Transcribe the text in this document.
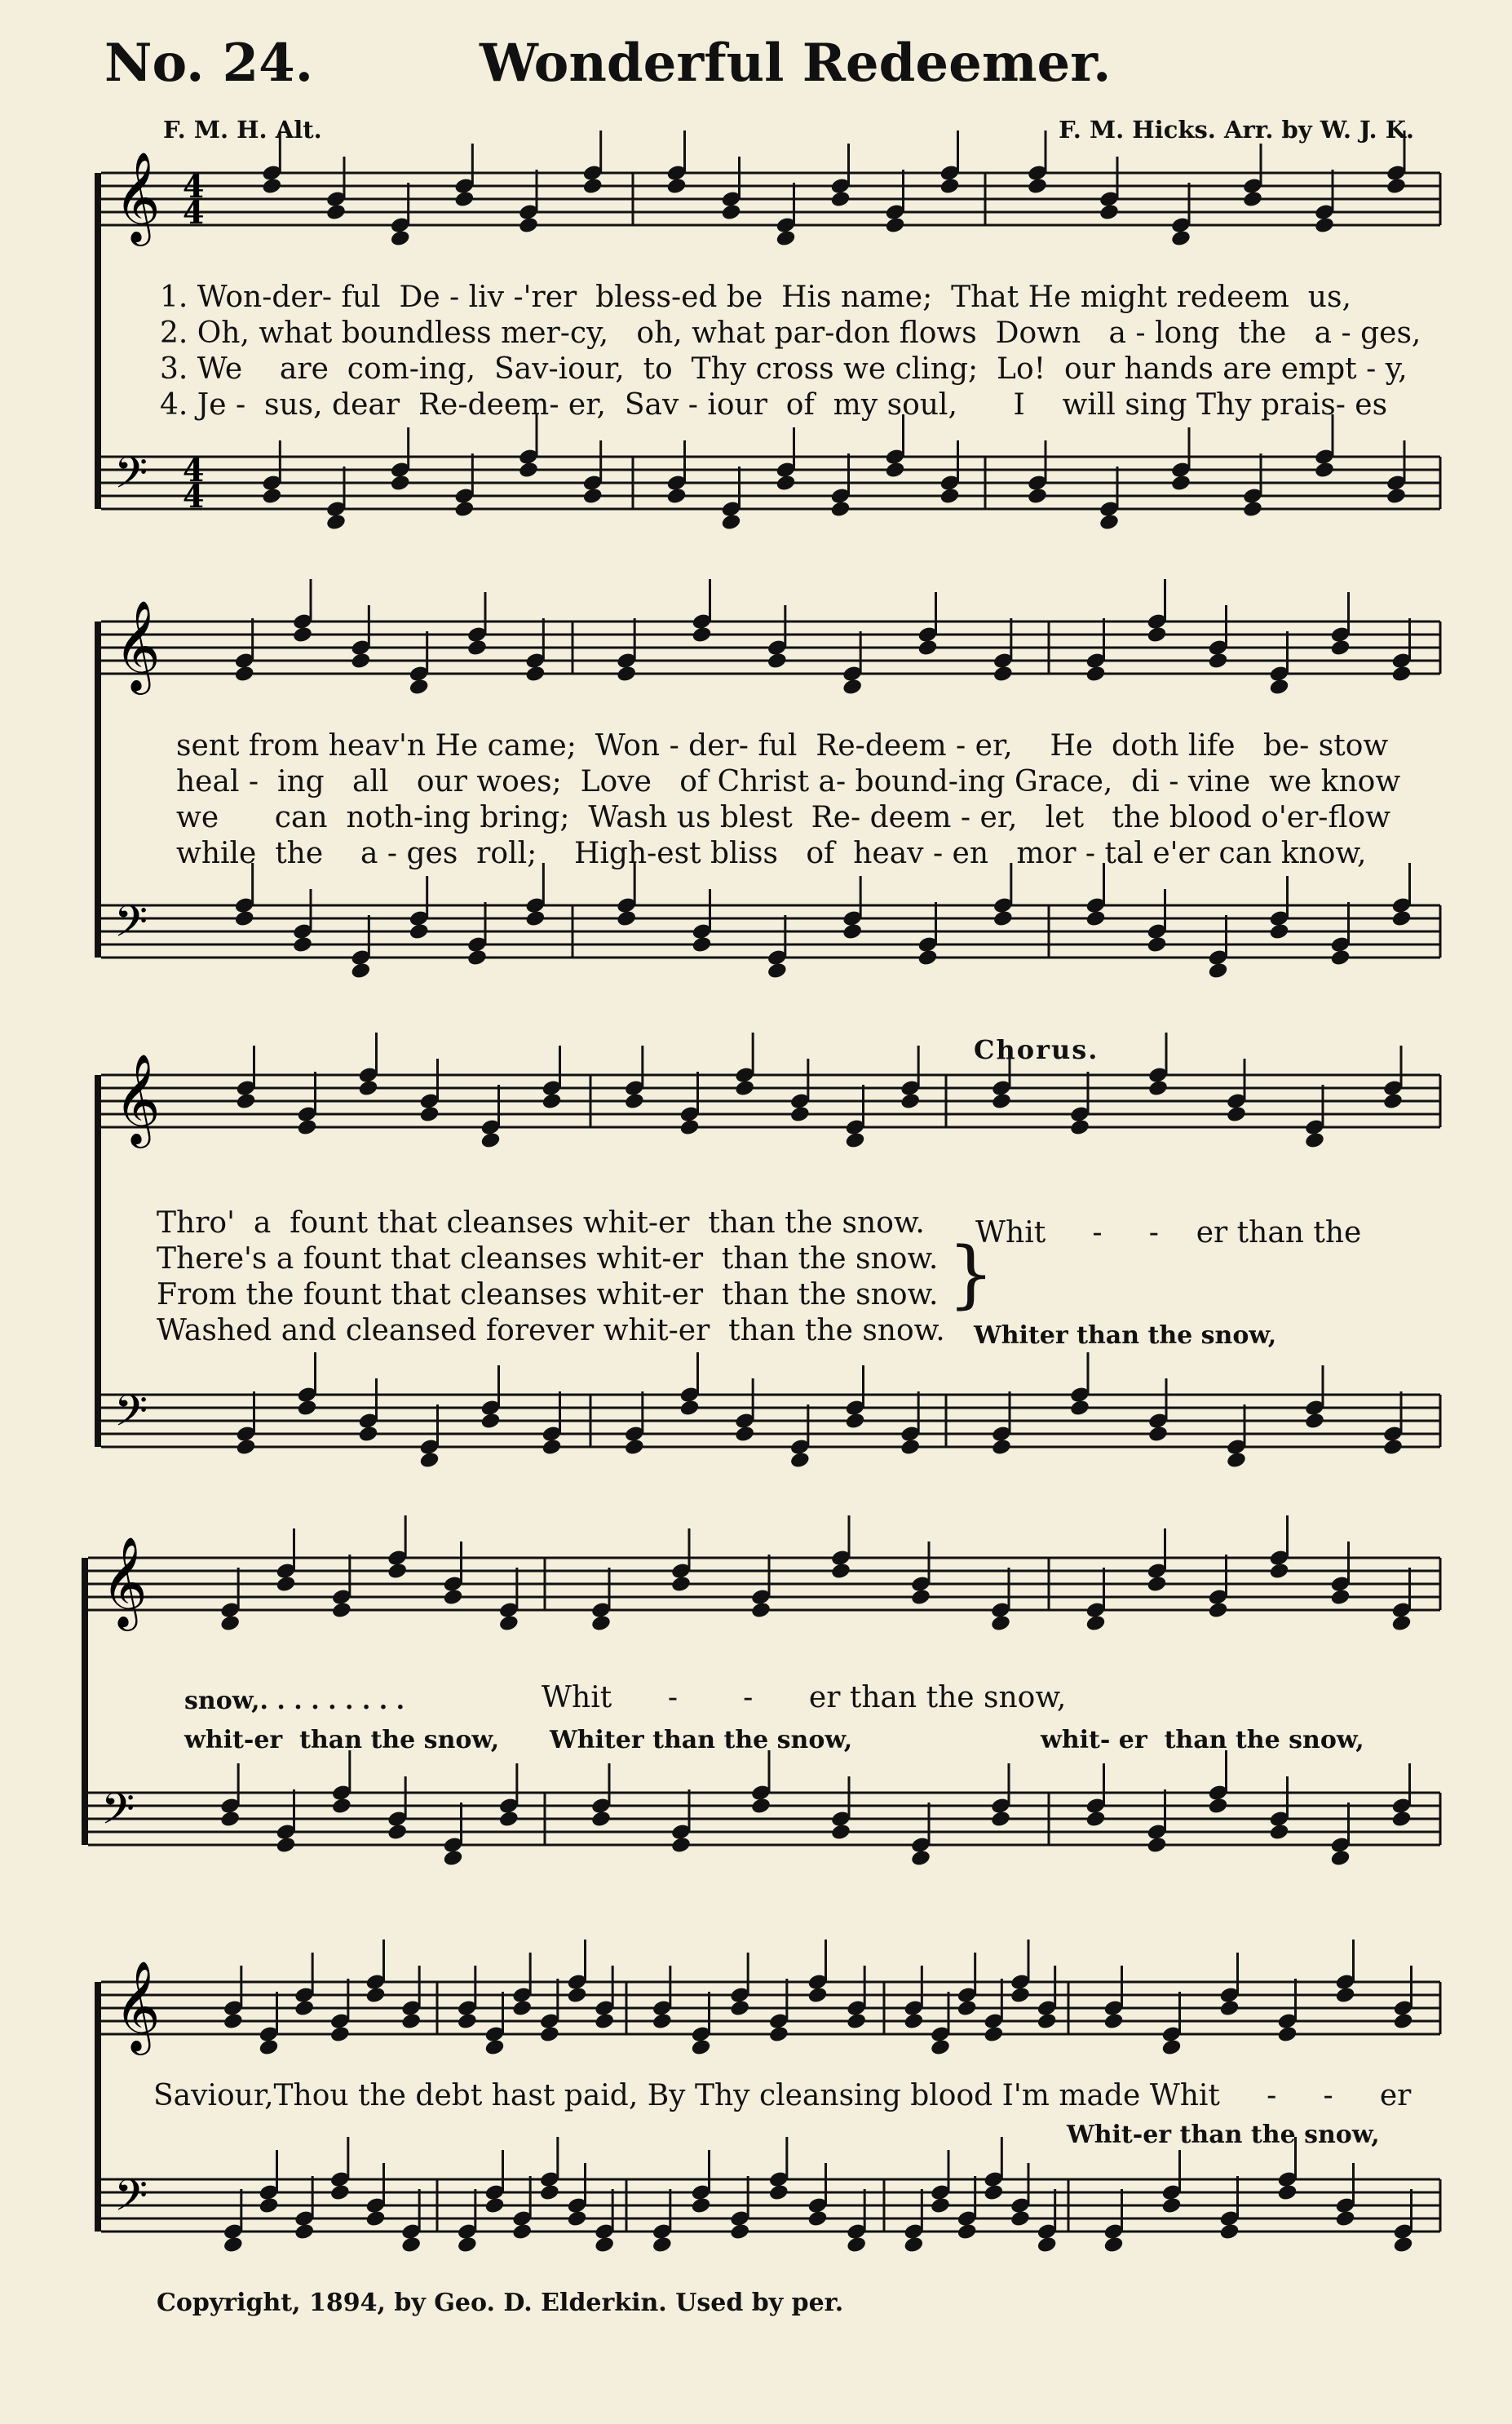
No. 24.	Wonderful Redeemer.
F. M. H. Alt.	F. M. Hicks. Arr. by W. J. K.
𝄞 4
4
𝄢 4
4
𝄞
𝄢
𝄞
𝄢
𝄞
𝄢
𝄞
𝄢
1. Won-der- ful  De - liv -'rer  bless-ed be  His name;  That He might redeem  us,
2. Oh, what boundless mer-cy,   oh, what par-don flows  Down   a - long  the   a - ges,
3. We    are  com-ing,  Sav-iour,  to  Thy cross we cling;  Lo!  our hands are empt - y,
4. Je -  sus, dear  Re-deem- er,  Sav - iour  of  my soul,      I    will sing Thy prais- es
sent from heav'n He came;  Won - der- ful  Re-deem - er,    He  doth life   be- stow
heal -  ing   all   our woes;  Love   of Christ a- bound-ing Grace,  di - vine  we know
we      can  noth-ing bring;  Wash us blest  Re- deem - er,   let   the blood o'er-flow
while  the    a - ges  roll;    High-est bliss   of  heav - en   mor - tal e'er can know,
Chorus.
Thro'  a  fount that cleanses whit-er  than the snow.
There's a fount that cleanses whit-er  than the snow.
From the fount that cleanses whit-er  than the snow.
Washed and cleansed forever whit-er  than the snow.
}
Whit     -     -    er than the
Whiter than the snow,
snow,. . . . . . . . .	Whit      -       -      er than the snow,
whit-er  than the snow, Whiter than the snow,	whit- er  than the snow,
Saviour,Thou the debt hast paid, By Thy cleansing blood I'm made Whit     -     -     er
Whit-er than the snow,
Copyright, 1894, by Geo. D. Elderkin. Used by per.
